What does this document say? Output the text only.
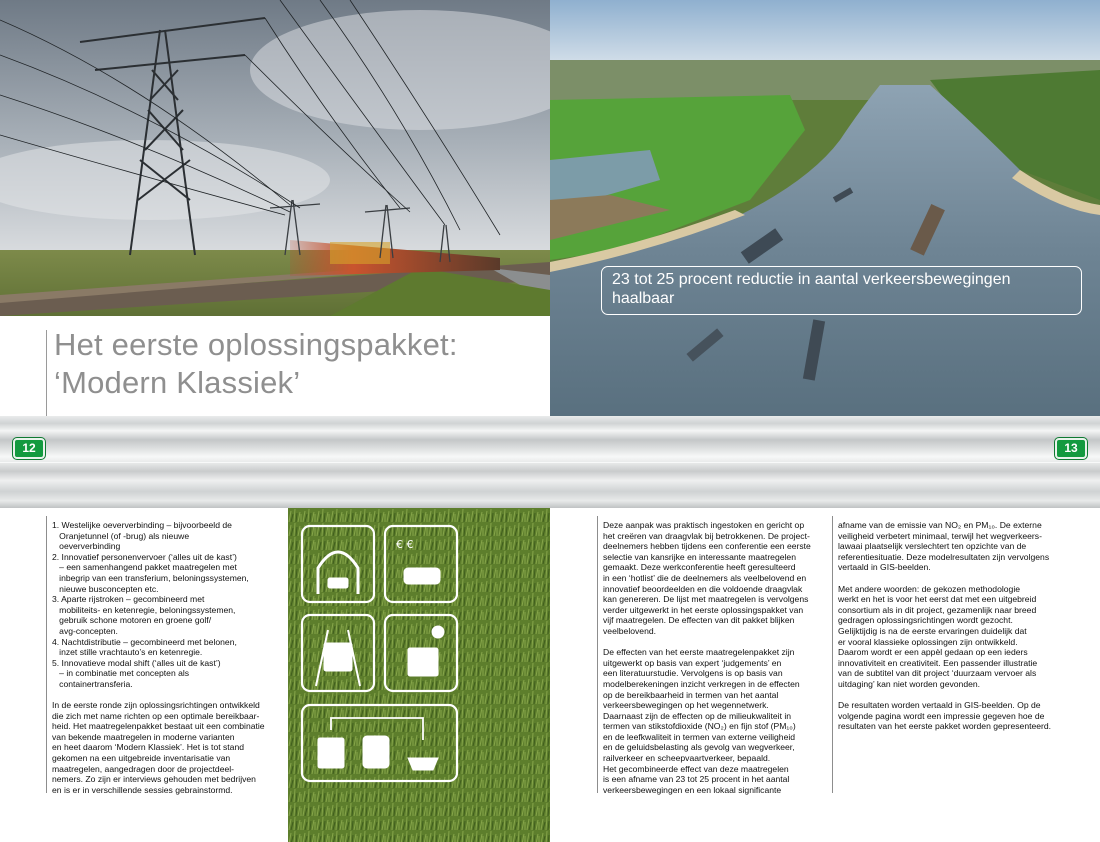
23 tot 25 procent reductie in aantal verkeersbewegingen
haalbaar
Het eerste oplossingspakket:
‘Modern Klassiek’
12	13
1. Westelijke oeververbinding – bijvoorbeeld de
Oranjetunnel (of -brug) als nieuwe
oeververbinding
2. Innovatief personenvervoer (‘alles uit de kast’)
– een samenhangend pakket maatregelen met
inbegrip van een transferium, beloningssystemen,
nieuwe busconcepten etc.
3. Aparte rijstroken – gecombineerd met
mobiliteits- en ketenregie, beloningssystemen,
gebruik schone motoren en groene golf/
avg-concepten.
4. Nachtdistributie – gecombineerd met belonen,
inzet stille vrachtauto’s en ketenregie.
5. Innovatieve modal shift (‘alles uit de kast’)
– in combinatie met concepten als
containertransferia.
In de eerste ronde zijn oplossingsrichtingen ontwikkeld
die zich met name richten op een optimale bereikbaar-
heid. Het maatregelenpakket bestaat uit een combinatie
van bekende maatregelen in moderne varianten
en heet daarom ‘Modern Klassiek’. Het is tot stand
gekomen na een uitgebreide inventarisatie van
maatregelen, aangedragen door de projectdeel-
nemers. Zo zijn er interviews gehouden met bedrijven
en is er in verschillende sessies gebrainstormd.
€ €

Deze aanpak was praktisch ingestoken en gericht op
het creëren van draagvlak bij betrokkenen. De project-
deelnemers hebben tijdens een conferentie een eerste
selectie van kansrijke en interessante maatregelen
gemaakt. Deze werkconferentie heeft geresulteerd
in een ‘hotlist’ die de deelnemers als veelbelovend en
innovatief beoordeelden en die voldoende draagvlak
kan genereren. De lijst met maatregelen is vervolgens
verder uitgewerkt in het eerste oplossingspakket van
vijf maatregelen. De effecten van dit pakket blijken
veelbelovend.

De effecten van het eerste maatregelenpakket zijn
uitgewerkt op basis van expert ‘judgements’ en
een literatuurstudie. Vervolgens is op basis van
modelberekeningen inzicht verkregen in de effecten
op de bereikbaarheid in termen van het aantal
verkeersbewegingen op het wegennetwerk.
Daarnaast zijn de effecten op de milieukwaliteit in
termen van stikstofdioxide (NO₂) en fijn stof (PM₁₀)
en de leefkwaliteit in termen van externe veiligheid
en de geluidsbelasting als gevolg van wegverkeer,
railverkeer en scheepvaartverkeer, bepaald.
Het gecombineerde effect van deze maatregelen
is een afname van 23 tot 25 procent in het aantal
verkeersbewegingen en een lokaal significante

afname van de emissie van NO₂ en PM₁₀. De externe
veiligheid verbetert minimaal, terwijl het wegverkeers-
lawaai plaatselijk verslechtert ten opzichte van de
referentiesituatie. Deze modelresultaten zijn vervolgens
vertaald in GIS-beelden.

Met andere woorden: de gekozen methodologie
werkt en het is voor het eerst dat met een uitgebreid
consortium als in dit project, gezamenlijk naar breed
gedragen oplossingsrichtingen wordt gezocht.
Gelijktijdig is na de eerste ervaringen duidelijk dat
er vooral klassieke oplossingen zijn ontwikkeld.
Daarom wordt er een appèl gedaan op een ieders
innovativiteit en creativiteit. Een passender illustratie
van de subtitel van dit project ‘duurzaam vervoer als
uitdaging’ kan niet worden gevonden.

De resultaten worden vertaald in GIS-beelden. Op de
volgende pagina wordt een impressie gegeven hoe de
resultaten van het eerste pakket worden gepresenteerd.
